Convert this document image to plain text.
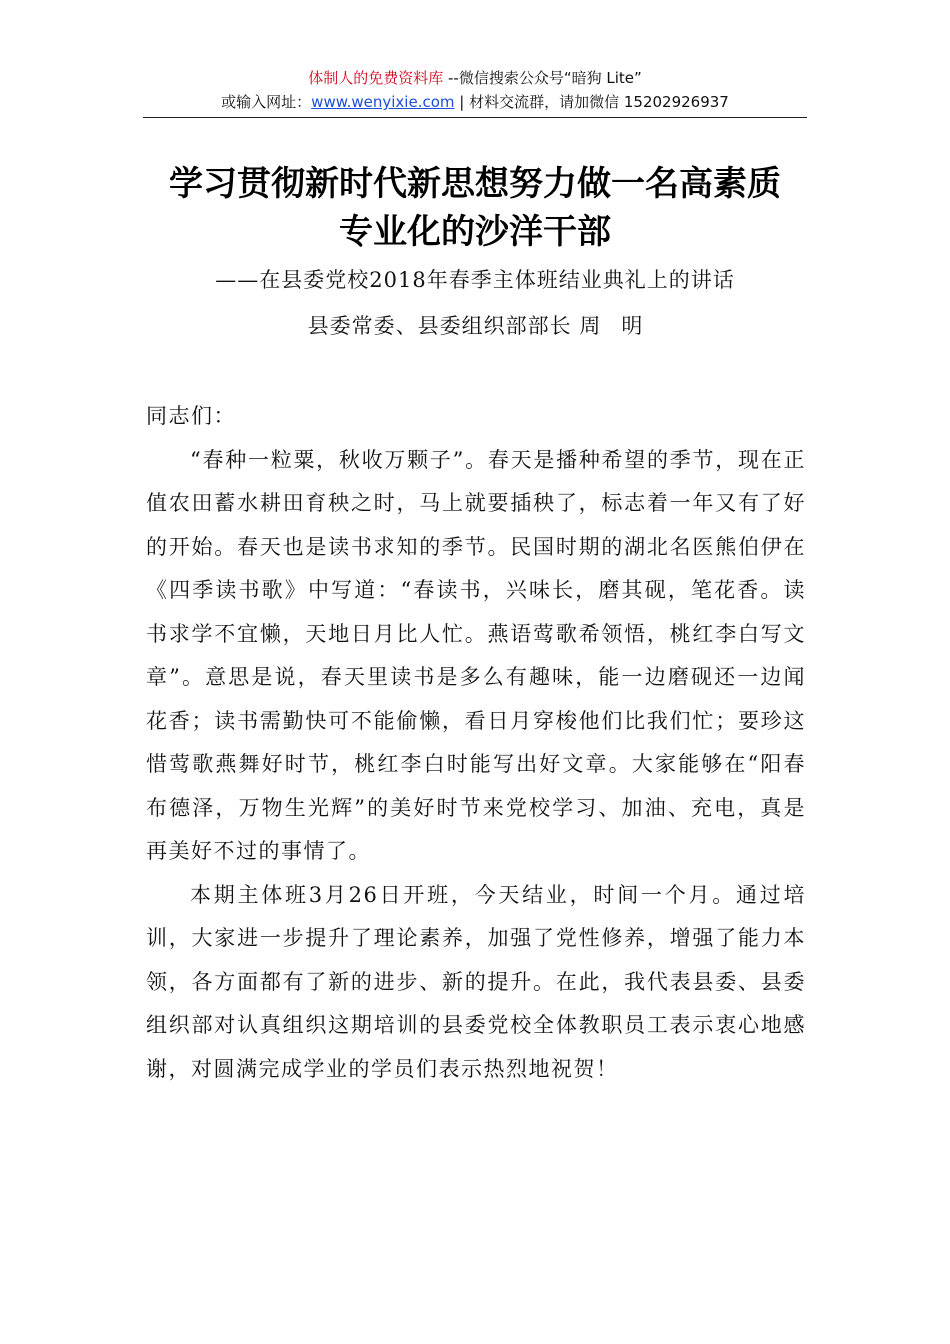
体制人的免费资料库 --微信搜索公众号“暗狗 Lite”
或输入网址：www.wenyixie.com | 材料交流群，请加微信 15202926937
学习贯彻新时代新思想努力做一名高素质
专业化的沙洋干部
——在县委党校2018年春季主体班结业典礼上的讲话
县委常委、县委组织部部长 周　明

同志们：

“春种一粒粟，秋收万颗子”。春天是播种希望的季节，现在正值农田蓄水耕田育秧之时，马上就要插秧了，标志着一年又有了好的开始。春天也是读书求知的季节。民国时期的湖北名医熊伯伊在《四季读书歌》中写道：“春读书，兴味长，磨其砚，笔花香。读书求学不宜懒，天地日月比人忙。燕语莺歌希领悟，桃红李白写文章”。意思是说，春天里读书是多么有趣味，能一边磨砚还一边闻花香；读书需勤快可不能偷懒，看日月穿梭他们比我们忙；要珍这惜莺歌燕舞好时节，桃红李白时能写出好文章。大家能够在“阳春布德泽，万物生光辉”的美好时节来党校学习、加油、充电，真是再美好不过的事情了。

本期主体班3月26日开班，今天结业，时间一个月。通过培训，大家进一步提升了理论素养，加强了党性修养，增强了能力本领，各方面都有了新的进步、新的提升。在此，我代表县委、县委组织部对认真组织这期培训的县委党校全体教职员工表示衷心地感谢，对圆满完成学业的学员们表示热烈地祝贺！
